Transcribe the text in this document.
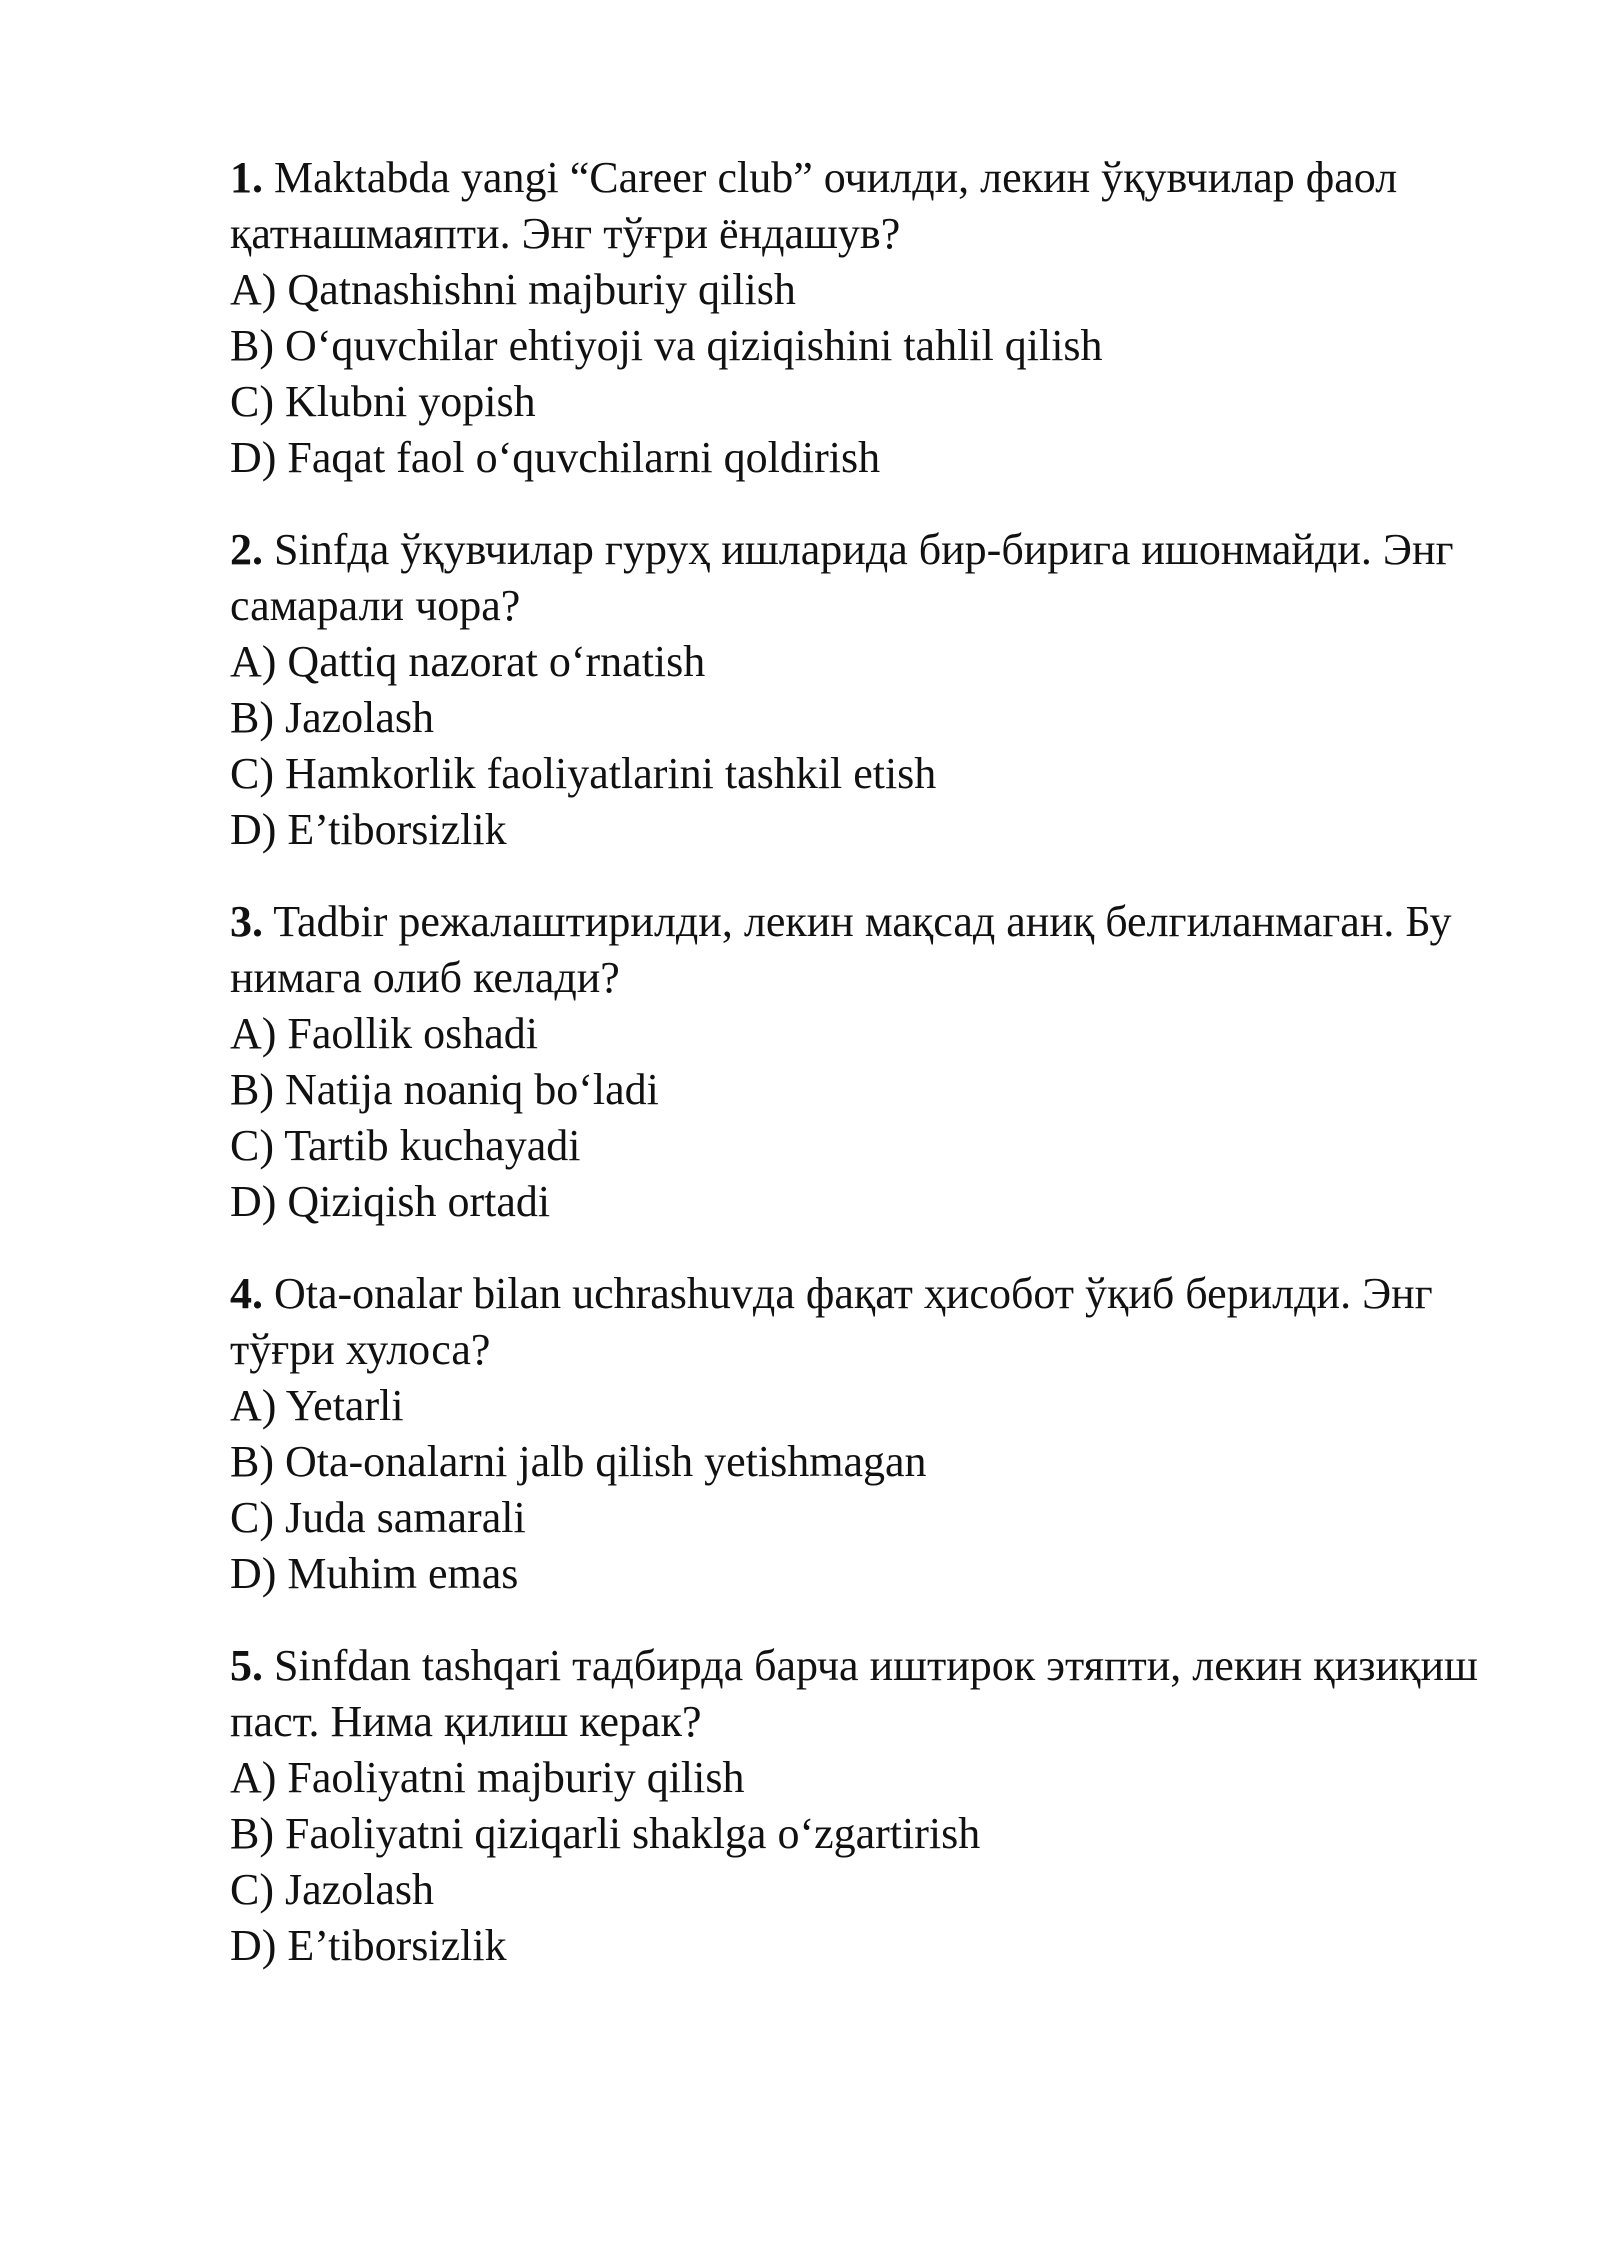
1. Maktabda yangi “Career club” очилди, лекин ўқувчилар фаол қатнашмаяпти. Энг тўғри ёндашув?

A) Qatnashishni majburiy qilish

B) O‘quvchilar ehtiyoji va qiziqishini tahlil qilish

C) Klubni yopish

D) Faqat faol o‘quvchilarni qoldirish

2. Sinfда ўқувчилар гуруҳ ишларида бир-бирига ишонмайди. Энг самарали чора?

A) Qattiq nazorat o‘rnatish

B) Jazolash

C) Hamkorlik faoliyatlarini tashkil etish

D) E’tiborsizlik

3. Tadbir режалаштирилди, лекин мақсад аниқ белгиланмаган. Бу нимага олиб келади?

A) Faollik oshadi

B) Natija noaniq bo‘ladi

C) Tartib kuchayadi

D) Qiziqish ortadi

4. Ota-onalar bilan uchrashuvда фақат ҳисобот ўқиб берилди. Энг тўғри хулоса?

A) Yetarli

B) Ota-onalarni jalb qilish yetishmagan

C) Juda samarali

D) Muhim emas

5. Sinfdan tashqari тадбирда барча иштирок этяпти, лекин қизиқиш паст. Нима қилиш керак?

A) Faoliyatni majburiy qilish

B) Faoliyatni qiziqarli shaklga o‘zgartirish

C) Jazolash

D) E’tiborsizlik
